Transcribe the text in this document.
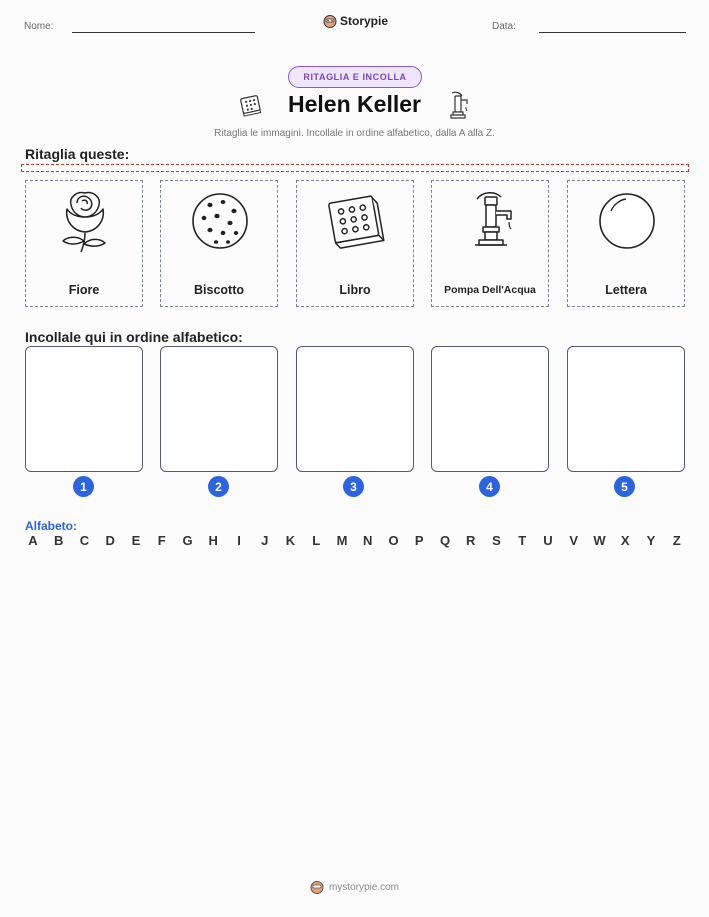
Nome:	Storypie	Data:
RITAGLIA E INCOLLA
Helen Keller
Ritaglia le immagini. Incollale in ordine alfabetico, dalla A alla Z.
Ritaglia queste:
Fiore	Biscotto	Libro	Pompa Dell'Acqua	Lettera
Incollale qui in ordine alfabetico:
1	2	3	4	5
Alfabeto:
A B C D E	F	G H	I	J	K	L	M N O P Q R S	T	U V W X Y	Z
mystorypie.com
